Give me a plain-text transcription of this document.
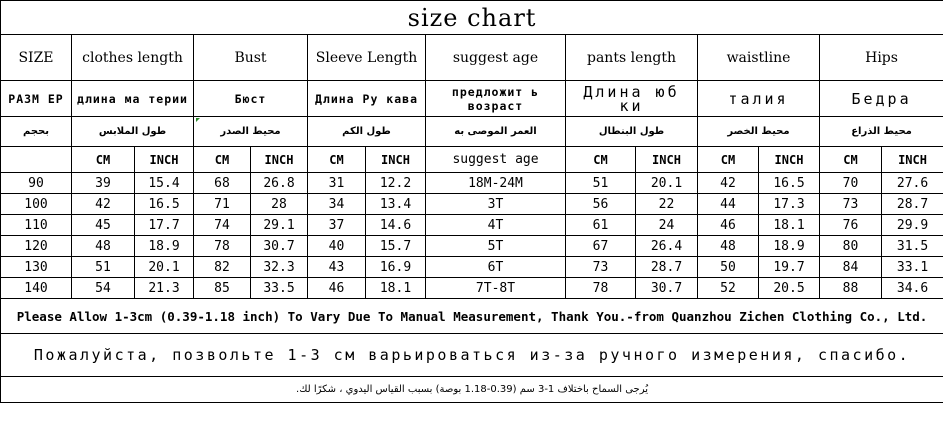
size chart													
SIZE	clothes length		Bust		Sleeve Length		suggest age	pants length		waistline		Hips	
РАЗМ ЕР	длина ма терии		Бюст		Длина Ру кава		предложит ь возраст	Длина юб ки		талия		Бедра	
بحجم	طول الملابس		محيط الصدر		طول الكم		العمر الموصى به	طول البنطال		محيط الخصر		محيط الذراع	
	CM	INCH	CM	INCH	CM	INCH	suggest age	CM	INCH	CM	INCH	CM	INCH
90	39	15.4	68	26.8	31	12.2	18M-24M	51	20.1	42	16.5	70	27.6
100	42	16.5	71	28	34	13.4	3T	56	22	44	17.3	73	28.7
110	45	17.7	74	29.1	37	14.6	4T	61	24	46	18.1	76	29.9
120	48	18.9	78	30.7	40	15.7	5T	67	26.4	48	18.9	80	31.5
130	51	20.1	82	32.3	43	16.9	6T	73	28.7	50	19.7	84	33.1
140	54	21.3	85	33.5	46	18.1	7T-8T	78	30.7	52	20.5	88	34.6
Please Allow 1-3cm (0.39-1.18 inch) To Vary Due To Manual Measurement, Thank You.-from Quanzhou Zichen Clothing Co., Ltd.													
Пожалуйста, позвольте 1-3 см варьироваться из-за ручного измерения, спасибо.													
يُرجى السماح باختلاف 1-3 سم (0.39-1.18 بوصة) بسبب القياس اليدوي ، شكرًا لك.													
